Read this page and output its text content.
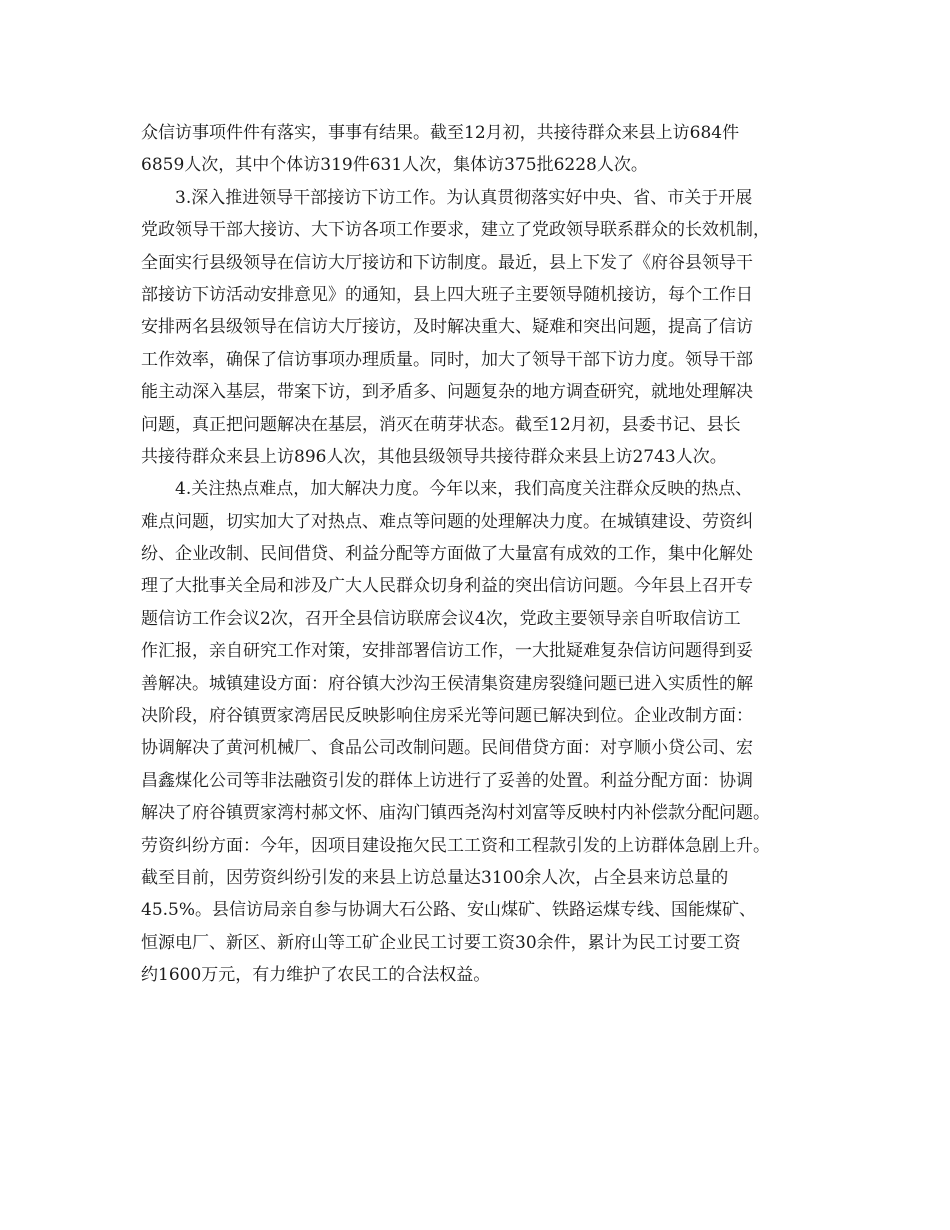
众信访事项件件有落实，事事有结果。截至12月初，共接待群众来县上访684件
6859人次，其中个体访319件631人次，集体访375批6228人次。
3.深入推进领导干部接访下访工作。为认真贯彻落实好中央、省、市关于开展
党政领导干部大接访、大下访各项工作要求，建立了党政领导联系群众的长效机制，
全面实行县级领导在信访大厅接访和下访制度。最近，县上下发了《府谷县领导干
部接访下访活动安排意见》的通知，县上四大班子主要领导随机接访，每个工作日
安排两名县级领导在信访大厅接访，及时解决重大、疑难和突出问题，提高了信访
工作效率，确保了信访事项办理质量。同时，加大了领导干部下访力度。领导干部
能主动深入基层，带案下访，到矛盾多、问题复杂的地方调查研究，就地处理解决
问题，真正把问题解决在基层，消灭在萌芽状态。截至12月初，县委书记、县长
共接待群众来县上访896人次，其他县级领导共接待群众来县上访2743人次。
4.关注热点难点，加大解决力度。今年以来，我们高度关注群众反映的热点、
难点问题，切实加大了对热点、难点等问题的处理解决力度。在城镇建设、劳资纠
纷、企业改制、民间借贷、利益分配等方面做了大量富有成效的工作，集中化解处
理了大批事关全局和涉及广大人民群众切身利益的突出信访问题。今年县上召开专
题信访工作会议2次，召开全县信访联席会议4次，党政主要领导亲自听取信访工
作汇报，亲自研究工作对策，安排部署信访工作，一大批疑难复杂信访问题得到妥
善解决。城镇建设方面：府谷镇大沙沟王侯清集资建房裂缝问题已进入实质性的解
决阶段，府谷镇贾家湾居民反映影响住房采光等问题已解决到位。企业改制方面：
协调解决了黄河机械厂、食品公司改制问题。民间借贷方面：对亨顺小贷公司、宏
昌鑫煤化公司等非法融资引发的群体上访进行了妥善的处置。利益分配方面：协调
解决了府谷镇贾家湾村郝文怀、庙沟门镇西尧沟村刘富等反映村内补偿款分配问题。
劳资纠纷方面：今年，因项目建设拖欠民工工资和工程款引发的上访群体急剧上升。
截至目前，因劳资纠纷引发的来县上访总量达3100余人次，占全县来访总量的
45.5%。县信访局亲自参与协调大石公路、安山煤矿、铁路运煤专线、国能煤矿、
恒源电厂、新区、新府山等工矿企业民工讨要工资30余件，累计为民工讨要工资
约1600万元，有力维护了农民工的合法权益。
